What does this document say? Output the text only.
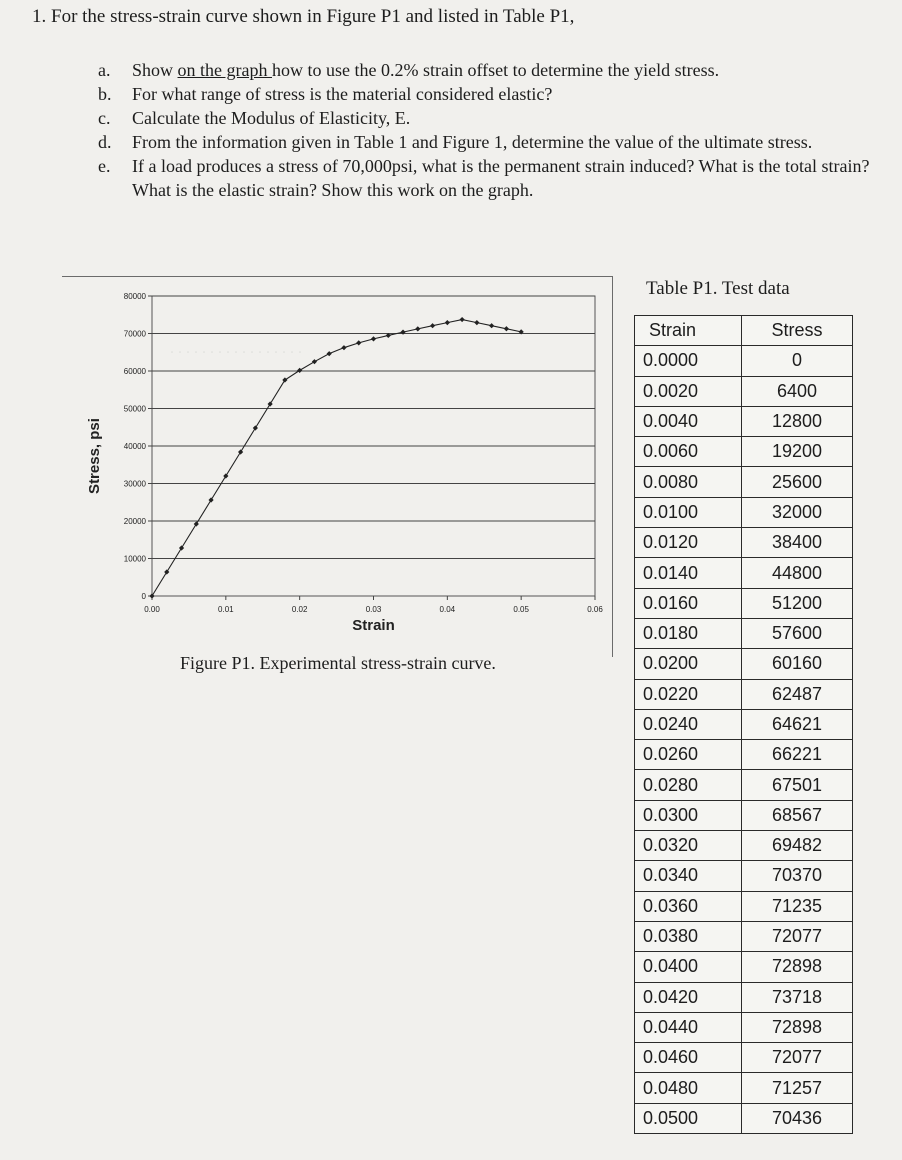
1. For the stress-strain curve shown in Figure P1 and listed in Table P1,
a.	Show on the graph how to use the 0.2% strain offset to determine the yield stress.
b.	For what range of stress is the material considered elastic?
c.	Calculate the Modulus of Elasticity, E.
d.	From the information given in Table 1 and Figure 1, determine the value of the ultimate stress.
e.	If a load produces a stress of 70,000psi, what is the permanent strain induced? What is the total strain? What is the elastic strain? Show this work on the graph.
0
10000
20000
30000
40000
50000
60000
70000
80000
0.00	0.01	0.02	0.03	0.04	0.05	0.06
Strain
Stress, psi
Figure P1. Experimental stress-strain curve.
Table P1. Test data
Strain	Stress
0.0000	0
0.0020	6400
0.0040	12800
0.0060	19200
0.0080	25600
0.0100	32000
0.0120	38400
0.0140	44800
0.0160	51200
0.0180	57600
0.0200	60160
0.0220	62487
0.0240	64621
0.0260	66221
0.0280	67501
0.0300	68567
0.0320	69482
0.0340	70370
0.0360	71235
0.0380	72077
0.0400	72898
0.0420	73718
0.0440	72898
0.0460	72077
0.0480	71257
0.0500	70436
. . . . . . . . . . . . . . . . .
